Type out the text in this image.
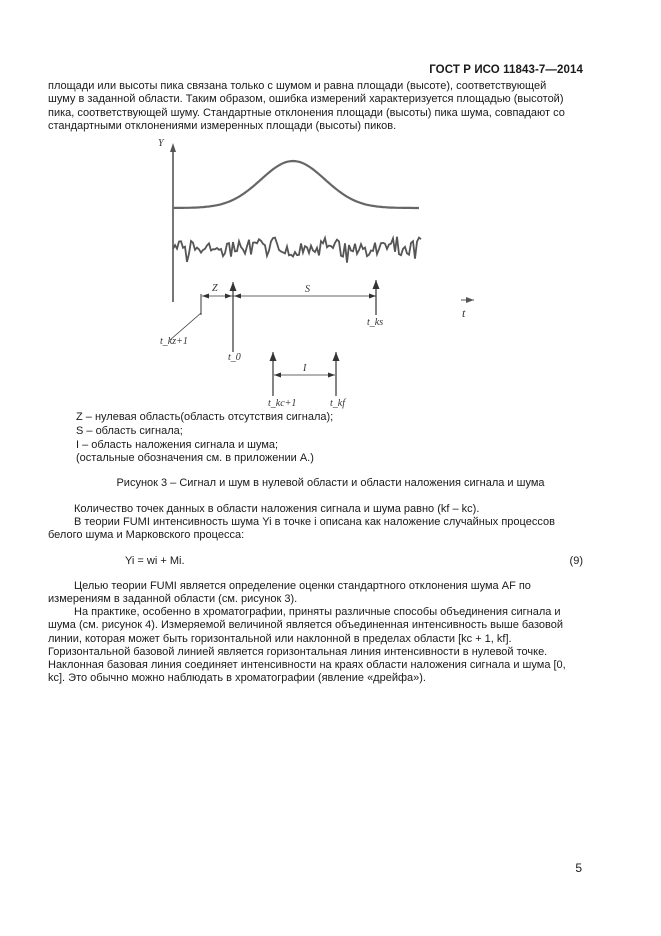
ГОСТ Р ИСО 11843-7—2014
площади или высоты пика связана только с шумом и равна площади (высоте), соответствующей
шуму в заданной области. Таким образом, ошибка измерений характеризуется площадью (высотой)
пика, соответствующей шуму. Стандартные отклонения площади (высоты) пика шума, совпадают со
стандартными отклонениями измеренных площади (высоты) пиков.
Y
t
Z	S
I
t_kz+1
t_0
t_ks
t_kc+1	t_kf
Z – нулевая область(область отсутствия сигнала);
S – область сигнала;
I – область наложения сигнала и шума;
(остальные обозначения см. в приложении А.)
Рисунок 3 – Сигнал и шум в нулевой области и области наложения сигнала и шума
Количество точек данных в области наложения сигнала и шума равно (kf – kc).
В теории FUMI интенсивность шума Yi в точке i описана как наложение случайных процессов
белого шума и Марковского процесса:
Yi = wi + Mi.	(9)
Целью теории FUMI является определение оценки стандартного отклонения шума AF по
измерениям в заданной области (см. рисунок 3).
На практике, особенно в хроматографии, приняты различные способы объединения сигнала и
шума (см. рисунок 4). Измеряемой величиной является объединенная интенсивность выше базовой
линии, которая может быть горизонтальной или наклонной в пределах области [kc + 1, kf].
Горизонтальной базовой линией является горизонтальная линия интенсивности в нулевой точке.
Наклонная базовая линия соединяет интенсивности на краях области наложения сигнала и шума [0,
kc]. Это обычно можно наблюдать в хроматографии (явление «дрейфа»).
5
